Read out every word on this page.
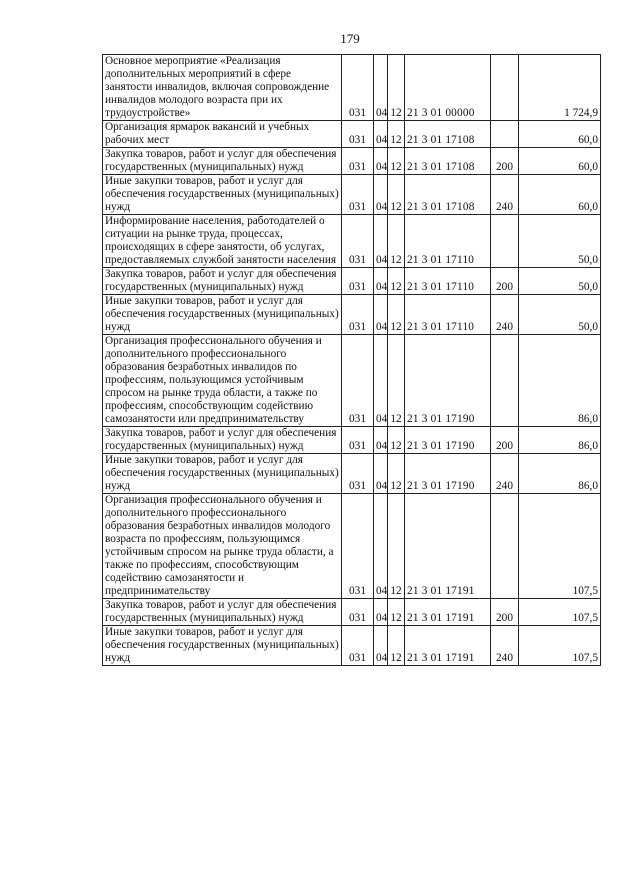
179
Основное мероприятие «Реализация дополнительных мероприятий в сфере занятости инвалидов, включая сопровождение инвалидов молодого возраста при их трудоустройстве»	031	04	12	21 3 01 00000		1 724,9
Организация ярмарок вакансий и учебных рабочих мест	031	04	12	21 3 01 17108		60,0
Закупка товаров, работ и услуг для обеспечения государственных (муниципальных) нужд	031	04	12	21 3 01 17108	200	60,0
Иные закупки товаров, работ и услуг для обеспечения государственных (муниципальных) нужд	031	04	12	21 3 01 17108	240	60,0
Информирование населения, работодателей о ситуации на рынке труда, процессах, происходящих в сфере занятости, об услугах, предоставляемых службой занятости населения	031	04	12	21 3 01 17110		50,0
Закупка товаров, работ и услуг для обеспечения государственных (муниципальных) нужд	031	04	12	21 3 01 17110	200	50,0
Иные закупки товаров, работ и услуг для обеспечения государственных (муниципальных) нужд	031	04	12	21 3 01 17110	240	50,0
Организация профессионального обучения и дополнительного профессионального образования безработных инвалидов по профессиям, пользующимся устойчивым спросом на рынке труда области, а также по профессиям, способствующим содействию самозанятости или предпринимательству	031	04	12	21 3 01 17190		86,0
Закупка товаров, работ и услуг для обеспечения государственных (муниципальных) нужд	031	04	12	21 3 01 17190	200	86,0
Иные закупки товаров, работ и услуг для обеспечения государственных (муниципальных) нужд	031	04	12	21 3 01 17190	240	86,0
Организация профессионального обучения и дополнительного профессионального образования безработных инвалидов молодого возраста по профессиям, пользующимся устойчивым спросом на рынке труда области, а также по профессиям, способствующим содействию самозанятости и предпринимательству	031	04	12	21 3 01 17191		107,5
Закупка товаров, работ и услуг для обеспечения государственных (муниципальных) нужд	031	04	12	21 3 01 17191	200	107,5
Иные закупки товаров, работ и услуг для обеспечения государственных (муниципальных) нужд	031	04	12	21 3 01 17191	240	107,5
